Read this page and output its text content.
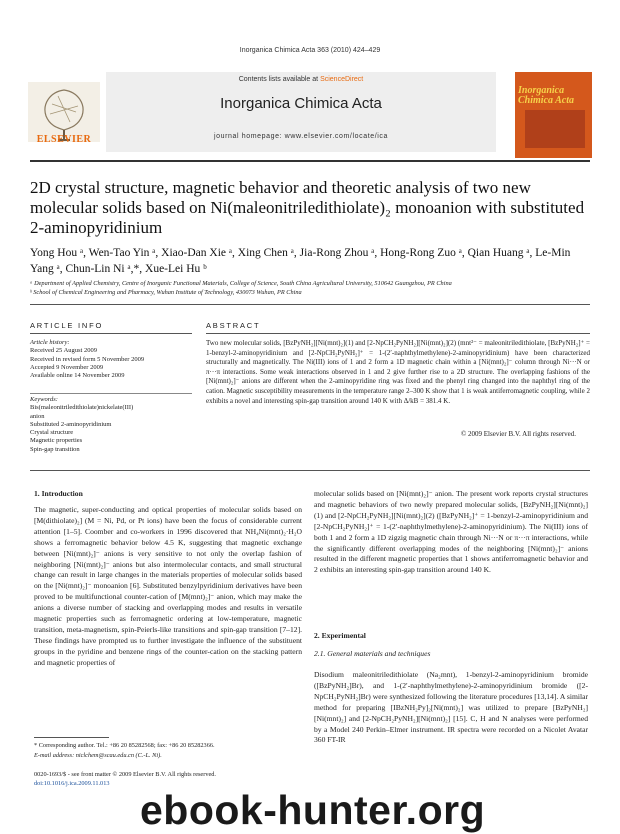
Inorganica Chimica Acta 363 (2010) 424–429
Contents lists available at ScienceDirect
Inorganica Chimica Acta
journal homepage: www.elsevier.com/locate/ica
ELSEVIER
Inorganica Chimica Acta
2D crystal structure, magnetic behavior and theoretic analysis of two new molecular solids based on Ni(maleonitriledithiolate)₂ monoanion with substituted 2-aminopyridinium
Yong Hou ᵃ, Wen-Tao Yin ᵃ, Xiao-Dan Xie ᵃ, Xing Chen ᵃ, Jia-Rong Zhou ᵃ, Hong-Rong Zuo ᵃ, Qian Huang ᵃ, Le-Min Yang ᵃ, Chun-Lin Ni ᵃ,*, Xue-Lei Hu ᵇ
ᵃ Department of Applied Chemistry, Centre of Inorganic Functional Materials, College of Science, South China Agricultural University, 510642 Guangzhou, PR China
ᵇ School of Chemical Engineering and Pharmacy, Wuhan Institute of Technology, 430073 Wuhan, PR China
ARTICLE INFO	ABSTRACT
Article history:
Received 25 August 2009
Received in revised form 5 November 2009
Accepted 9 November 2009
Available online 14 November 2009
Keywords:
Bis(maleonitriledithiolate)nickelate(III)
anion
Substituted 2-aminopyridinium
Crystal structure
Magnetic properties
Spin-gap transition
Two new molecular solids, [BzPyNH₂][Ni(mnt)₂](1) and [2-NpCH₂PyNH₂][Ni(mnt)₂](2) (mnt²⁻ = maleonitriledithiolate, [BzPyNH₂]⁺ = 1-benzyl-2-aminopyridinium and [2-NpCH₂PyNH₂]⁺ = 1-(2′-naphthylmethylene)-2-aminopyridinium) have been characterized structurally and magnetically. The Ni(III) ions of 1 and 2 form a 1D magnetic chain within a [Ni(mnt)₂]⁻ column through Ni···N or π···π interactions. Some weak interactions observed in 1 and 2 give further rise to a 2D structure. The overlapping fashions of the [Ni(mnt)₂]⁻ anions are different when the 2-aminopyridine ring was fixed and the phenyl ring changed into the naphthyl ring of the cation. Magnetic susceptibility measurements in the temperature range 2–300 K show that 1 is weak antiferromagnetic coupling, while 2 exhibits a novel and interesting spin-gap transition around 140 K with Δ/kB = 381.4 K.
© 2009 Elsevier B.V. All rights reserved.
1. Introduction
The magnetic, super-conducting and optical properties of molecular solids based on [M(dithiolate)₂] (M = Ni, Pd, or Pt ions) have been the focus of considerable current attention [1–5]. Coomber and co-workers in 1996 discovered that NH₄Ni(mnt)₂·H₂O shows a ferromagnetic behavior below 4.5 K, suggesting that magnetic exchange between [Ni(mnt)₂]⁻ anions is very sensitive to not only the overlap fashion of neighboring [Ni(mnt)₂]⁻ anions but also intermolecular contacts, and small structural change can result in large changes in the materials properties of molecular solids based on the [Ni(mnt)₂]⁻ monoanion [6]. Substituted benzylpyridinium derivatives have been proved to be multifunctional counter-cation of [M(mnt)₂]⁻ anion, which may make the anions a diverse number of stacking and overlapping modes and results in versatile magnetic properties such as ferromagnetic ordering at low-temperature, magnetic transition, meta-magnetism, spin-Peierls-like transitions and spin-gap transition [7–12]. These findings have prompted us to further investigate the influence of the substituent groups in the pyridine and benzene rings of the counter-cation on the stacking pattern and magnetic properties of
molecular solids based on [Ni(mnt)₂]⁻ anion. The present work reports crystal structures and magnetic behaviors of two newly prepared molecular solids, [BzPyNH₂][Ni(mnt)₂](1) and [2-NpCH₂PyNH₂][Ni(mnt)₂](2) ([BzPyNH₂]⁺ = 1-benzyl-2-aminopyridinium and [2-NpCH₂PyNH₂]⁺ = 1-(2′-naphthylmethylene)-2-aminopyridinium). The Ni(III) ions of both 1 and 2 form a 1D zigzig magnetic chain through Ni···N or π···π interactions, while the significantly different overlapping modes of the neighboring [Ni(mnt)₂]⁻ anions resulted in the different magnetic properties that 1 shows antiferromagnetic behavior and 2 exhibits an interesting spin-gap transition around 140 K.
2. Experimental
2.1. General materials and techniques
Disodium maleonitriledithiolate (Na₂mnt), 1-benzyl-2-aminopyridinium bromide ([BzPyNH₂]Br), and 1-(2′-naphthylmethylene)-2-aminopyridinium bromide ([2-NpCH₂PyNH₂]Br) were synthesized following the literature procedures [13,14]. A similar method for preparing [IBzNH₂Py]₂[Ni(mnt)₂] was utilized to prepare [BzPyNH₂][Ni(mnt)₂] and [2-NpCH₂PyNH₂][Ni(mnt)₂] [15]. C, H and N analyses were performed by a Model 240 Perkin–Elmer instrument. IR spectra were recorded on a Nicolet Avatar 360 FT-IR
* Corresponding author. Tel.: +86 20 85282568; fax: +86 20 85282366.
E-mail address: niclchem@scau.edu.cn (C.-L. Ni).
0020-1693/$ - see front matter © 2009 Elsevier B.V. All rights reserved.
doi:10.1016/j.ica.2009.11.013
ebook-hunter.org
